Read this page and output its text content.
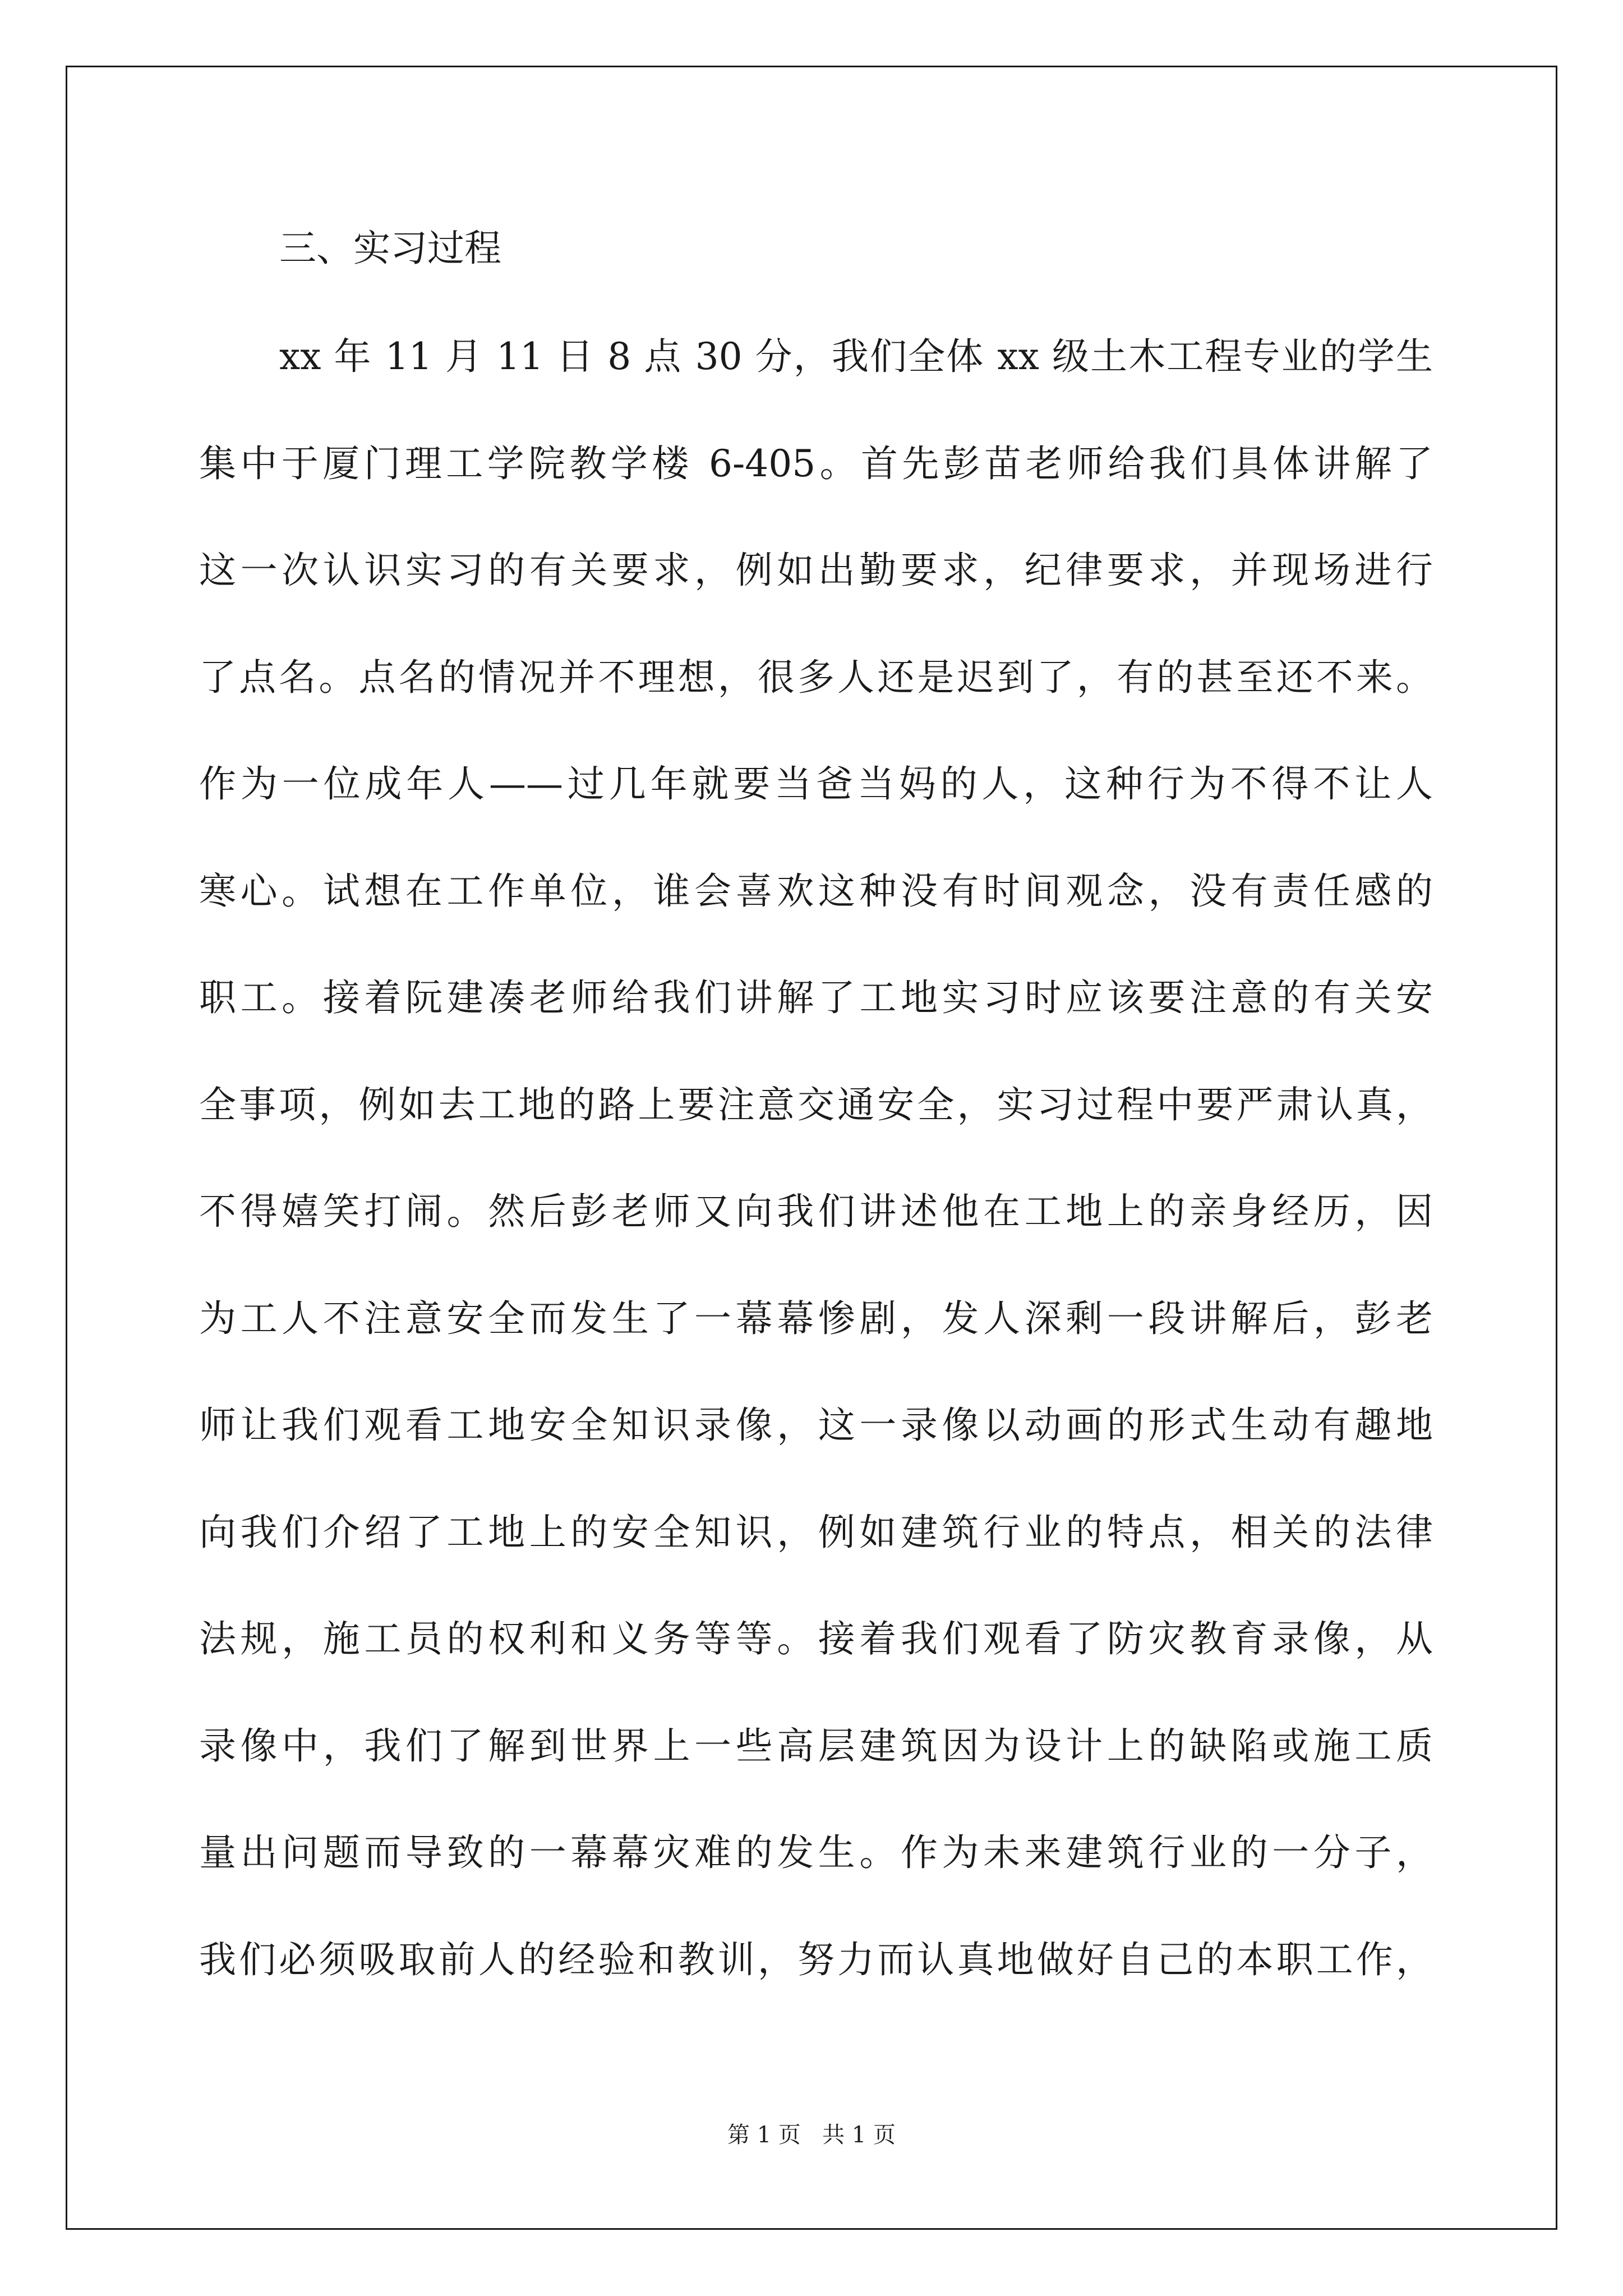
三、实习过程
xx 年 11 月 11 日 8 点 30 分，我们全体 xx 级土木工程专业的学生
集中于厦门理工学院教学楼 6-405。首先彭苗老师给我们具体讲解了
这一次认识实习的有关要求，例如出勤要求，纪律要求，并现场进行
了点名。点名的情况并不理想，很多人还是迟到了，有的甚至还不来。
作为一位成年人——过几年就要当爸当妈的人，这种行为不得不让人
寒心。试想在工作单位，谁会喜欢这种没有时间观念，没有责任感的
职工。接着阮建凑老师给我们讲解了工地实习时应该要注意的有关安
全事项，例如去工地的路上要注意交通安全，实习过程中要严肃认真，
不得嬉笑打闹。然后彭老师又向我们讲述他在工地上的亲身经历，因
为工人不注意安全而发生了一幕幕惨剧，发人深剩一段讲解后，彭老
师让我们观看工地安全知识录像，这一录像以动画的形式生动有趣地
向我们介绍了工地上的安全知识，例如建筑行业的特点，相关的法律
法规，施工员的权利和义务等等。接着我们观看了防灾教育录像，从
录像中，我们了解到世界上一些高层建筑因为设计上的缺陷或施工质
量出问题而导致的一幕幕灾难的发生。作为未来建筑行业的一分子，
我们必须吸取前人的经验和教训，努力而认真地做好自己的本职工作，
第 1 页   共 1 页
